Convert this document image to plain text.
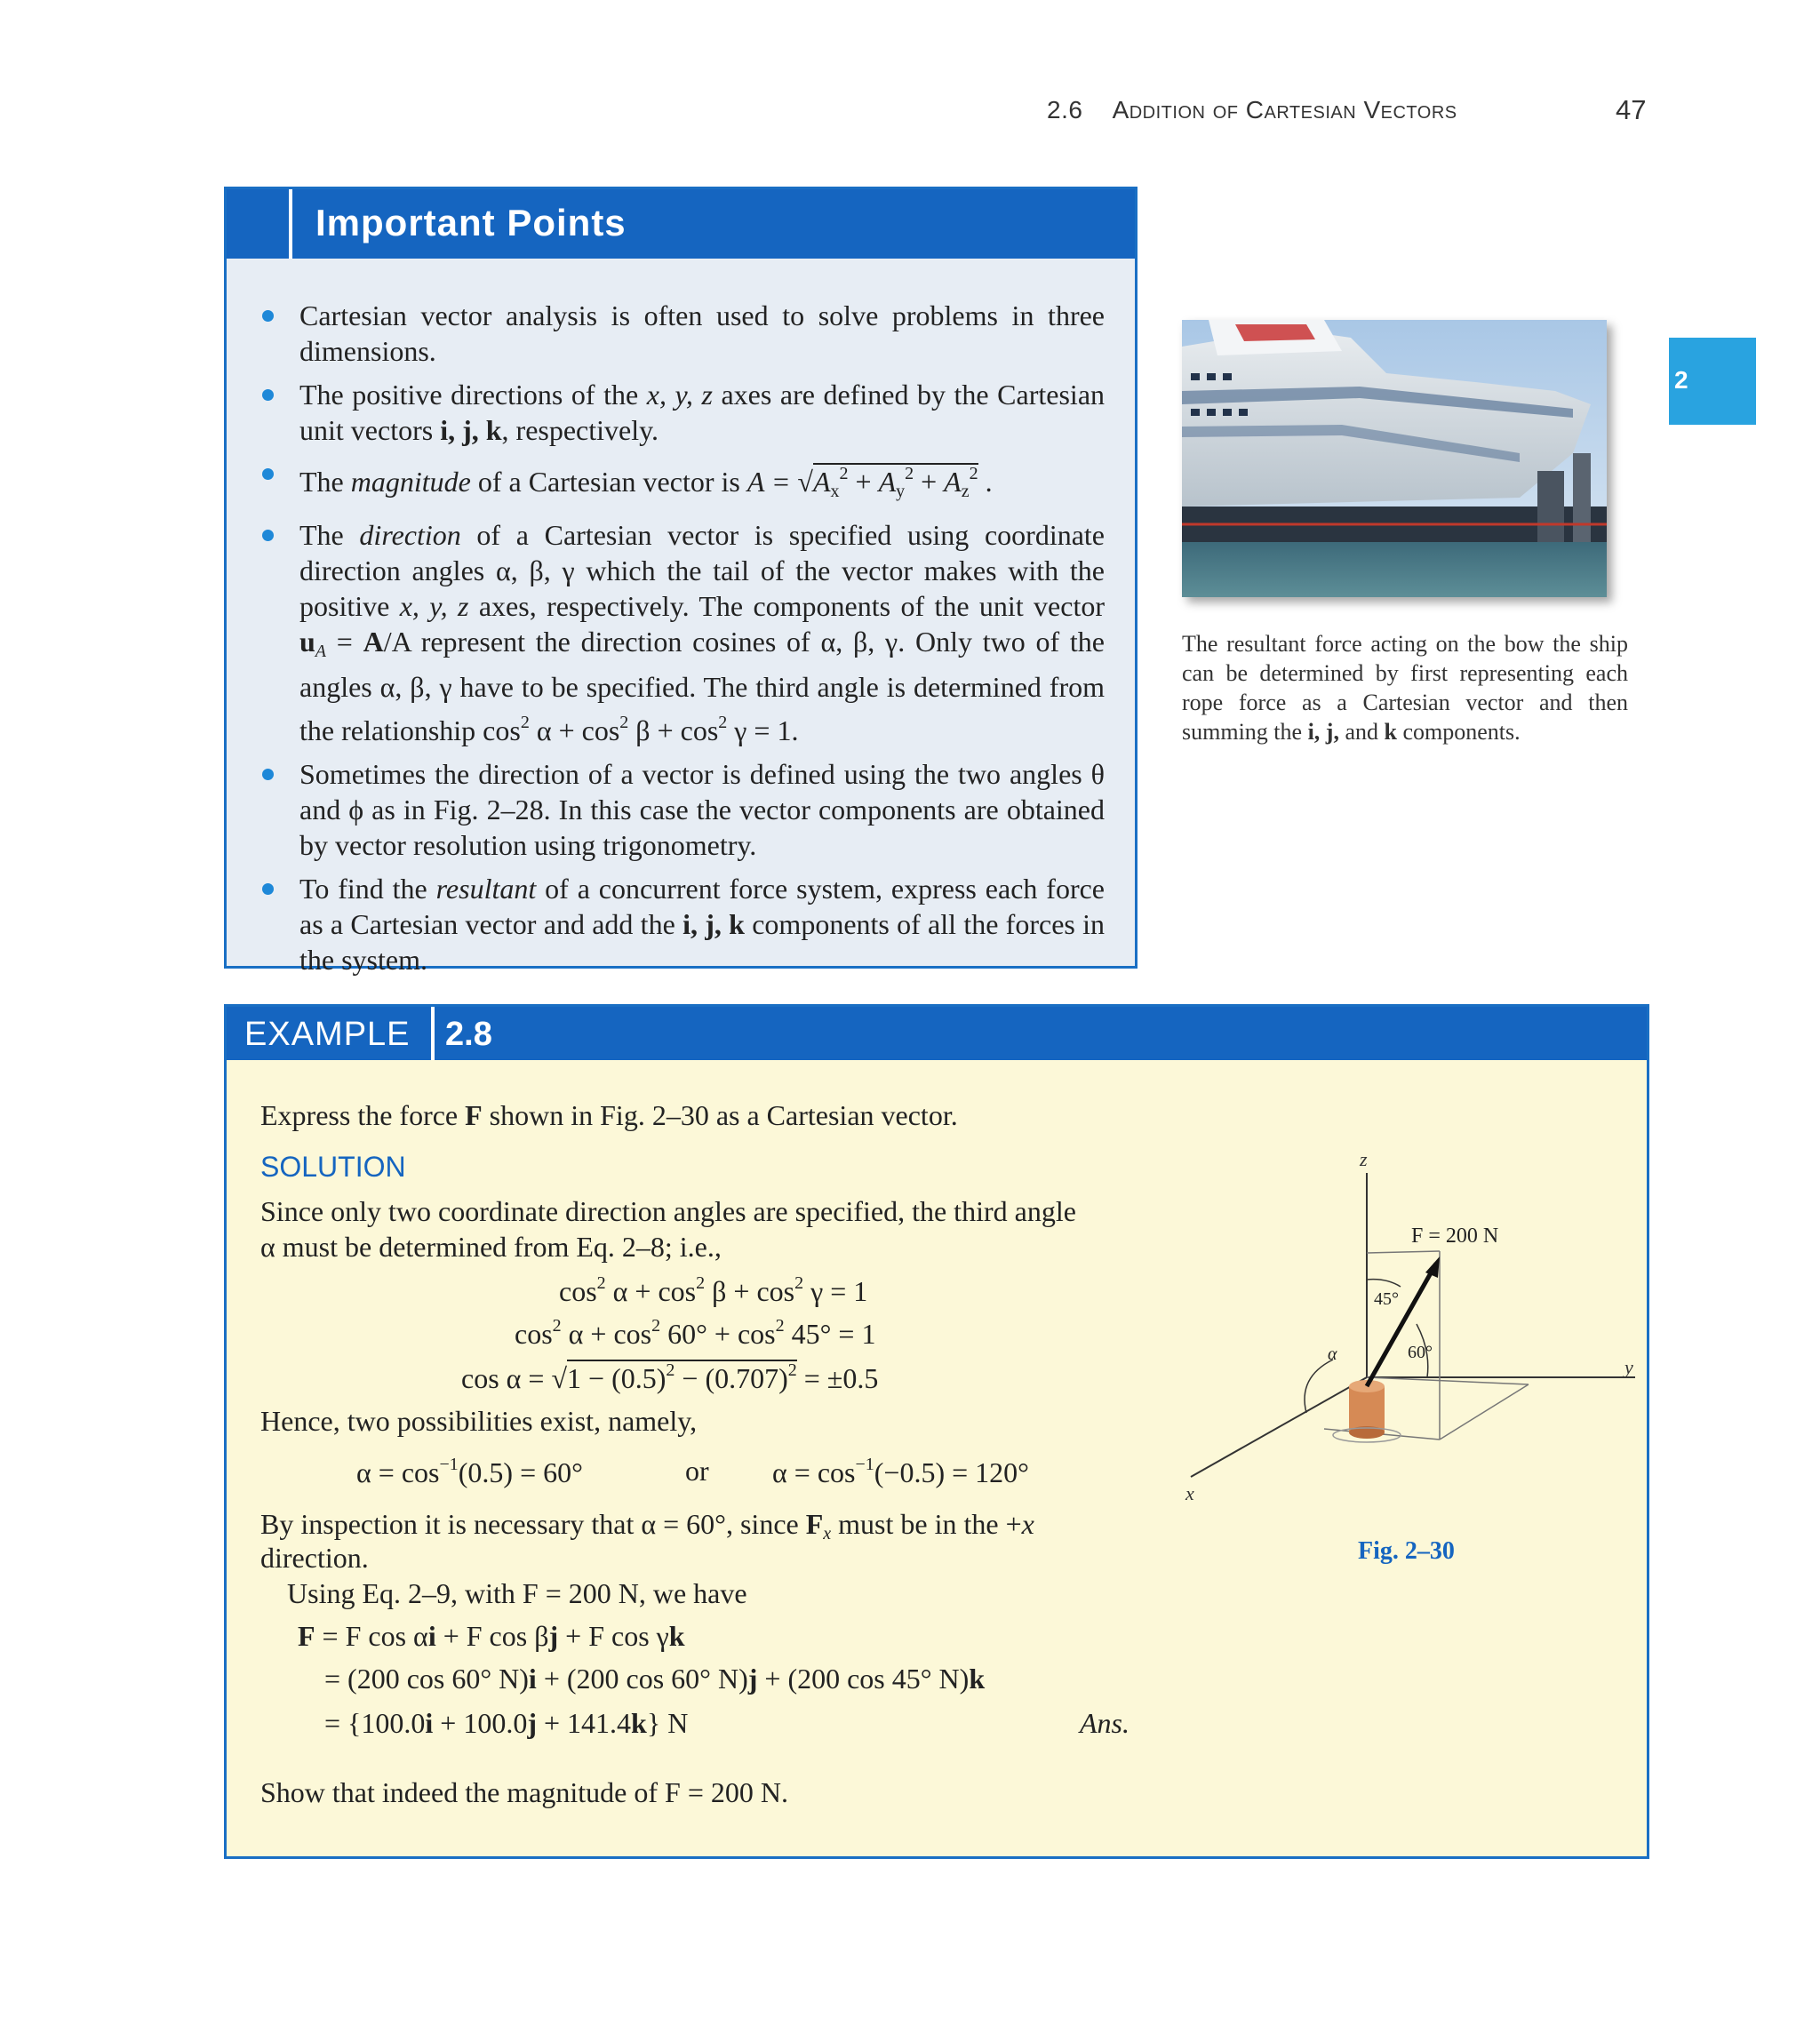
2.6 Addition of Cartesian Vectors	47
2
Important Points
Cartesian vector analysis is often used to solve problems in three dimensions.
The positive directions of the x, y, z axes are defined by the Cartesian unit vectors i, j, k, respectively.
The magnitude of a Cartesian vector is $A = √A_x^2 + A_y^2 + A_z^2$ .
The direction of a Cartesian vector is specified using coordinate direction angles α, β, γ which the tail of the vector makes with the positive x, y, z axes, respectively. The components of the unit vector $u_A = A/A$ represent the direction cosines of α, β, γ. Only two of the angles α, β, γ have to be specified. The third angle is determined from the relationship $\cos^2 \alpha + \cos^2 \beta + \cos^2 \gamma = 1$.
Sometimes the direction of a vector is defined using the two angles θ and ϕ as in Fig. 2–28. In this case the vector components are obtained by vector resolution using trigonometry.
To find the resultant of a concurrent force system, express each force as a Cartesian vector and add the i, j, k components of all the forces in the system.
The resultant force acting on the bow the ship can be determined by first representing each rope force as a Cartesian vector and then summing the i, j, and k components.
EXAMPLE 2.8
Express the force F shown in Fig. 2–30 as a Cartesian vector.
SOLUTION
Since only two coordinate direction angles are specified, the third angle
α must be determined from Eq. 2–8; i.e.,
$\cos^2 \alpha + \cos^2 \beta + \cos^2 \gamma = 1$
$\cos^2 \alpha + \cos^2 60^\circ + \cos^2 45^\circ = 1$
$\cos \alpha = √1 - (0.5)^2 - (0.707)^2 = \pm 0.5$
Hence, two possibilities exist, namely,
$\alpha = \cos^{-1}(0.5) = 60^\circ$	or $\alpha = \cos^{-1}(-0.5) = 120^\circ$
By inspection it is necessary that α = 60°, since $F_x$ must be in the +x
direction.
Using Eq. 2–9, with F = 200 N, we have
F = F cos αi + F cos βj + F cos γk
= (200 cos 60° N)i + (200 cos 60° N)j + (200 cos 45° N)k
= {100.0i + 100.0j + 141.4k} N	Ans.
Show that indeed the magnitude of F = 200 N.
z
y
x
F = 200 N
45°
60°
α
Fig. 2–30
